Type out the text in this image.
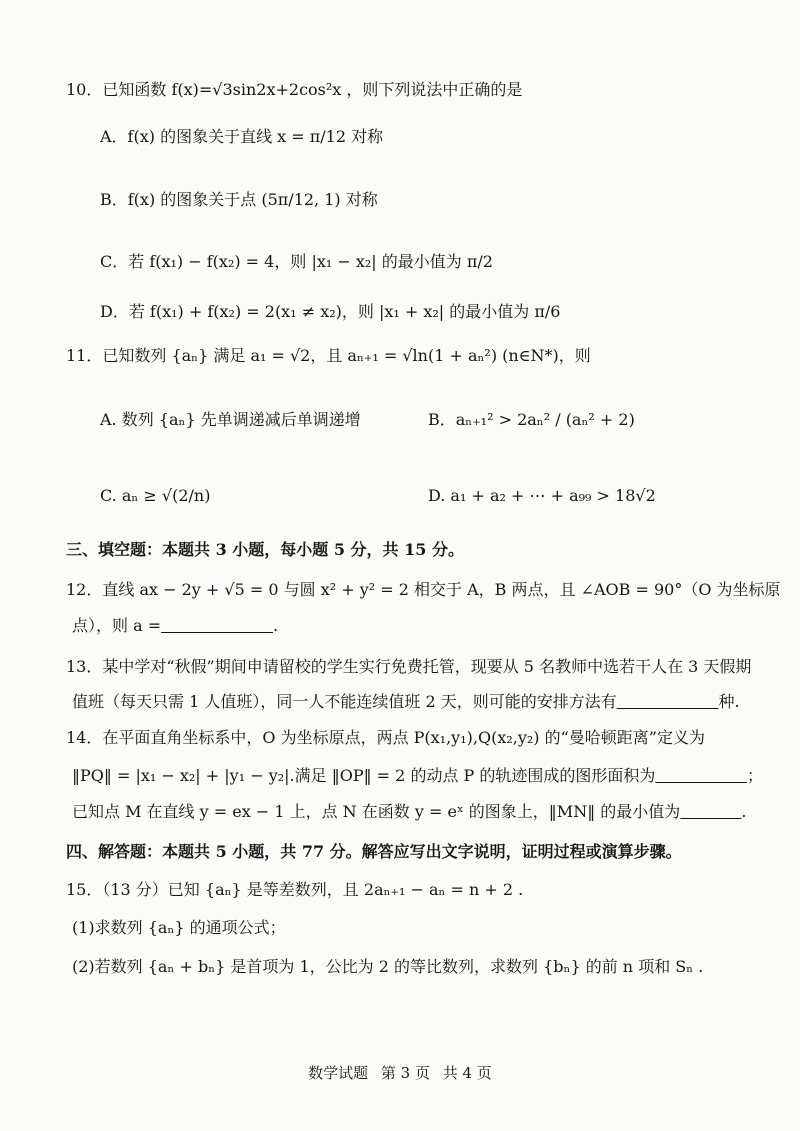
10．已知函数 f(x)=√3sin2x+2cos²x ，则下列说法中正确的是
A．f(x) 的图象关于直线 x = π/12 对称
B．f(x) 的图象关于点 (5π/12, 1) 对称
C．若 f(x₁) − f(x₂) = 4，则 |x₁ − x₂| 的最小值为 π/2
D．若 f(x₁) + f(x₂) = 2(x₁ ≠ x₂)，则 |x₁ + x₂| 的最小值为 π/6
11．已知数列 {aₙ} 满足 a₁ = √2，且 aₙ₊₁ = √ln(1 + aₙ²) (n∈N*)，则
A. 数列 {aₙ} 先单调递减后单调递增	B．aₙ₊₁² > 2aₙ² / (aₙ² + 2)
C. aₙ ≥ √(2/n)	D. a₁ + a₂ + ⋯ + a₉₉ > 18√2
三、填空题：本题共 3 小题，每小题 5 分，共 15 分。
12．直线 ax − 2y + √5 = 0 与圆 x² + y² = 2 相交于 A，B 两点，且 ∠AOB = 90°（O 为坐标原
点），则 a =	.
13．某中学对“秋假”期间申请留校的学生实行免费托管，现要从 5 名教师中选若干人在 3 天假期
值班（每天只需 1 人值班），同一人不能连续值班 2 天，则可能的安排方法有	种.
14．在平面直角坐标系中，O 为坐标原点，两点 P(x₁,y₁),Q(x₂,y₂) 的“曼哈顿距离”定义为
‖PQ‖ = |x₁ − x₂| + |y₁ − y₂|.满足 ‖OP‖ = 2 的动点 P 的轨迹围成的图形面积为	；
已知点 M 在直线 y = ex − 1 上，点 N 在函数 y = eˣ 的图象上，‖MN‖ 的最小值为	.
四、解答题：本题共 5 小题，共 77 分。解答应写出文字说明，证明过程或演算步骤。
15．（13 分）已知 {aₙ} 是等差数列，且 2aₙ₊₁ − aₙ = n + 2 .
(1)求数列 {aₙ} 的通项公式；
(2)若数列 {aₙ + bₙ} 是首项为 1，公比为 2 的等比数列，求数列 {bₙ} 的前 n 项和 Sₙ .
数学试题 第 3 页 共 4 页
